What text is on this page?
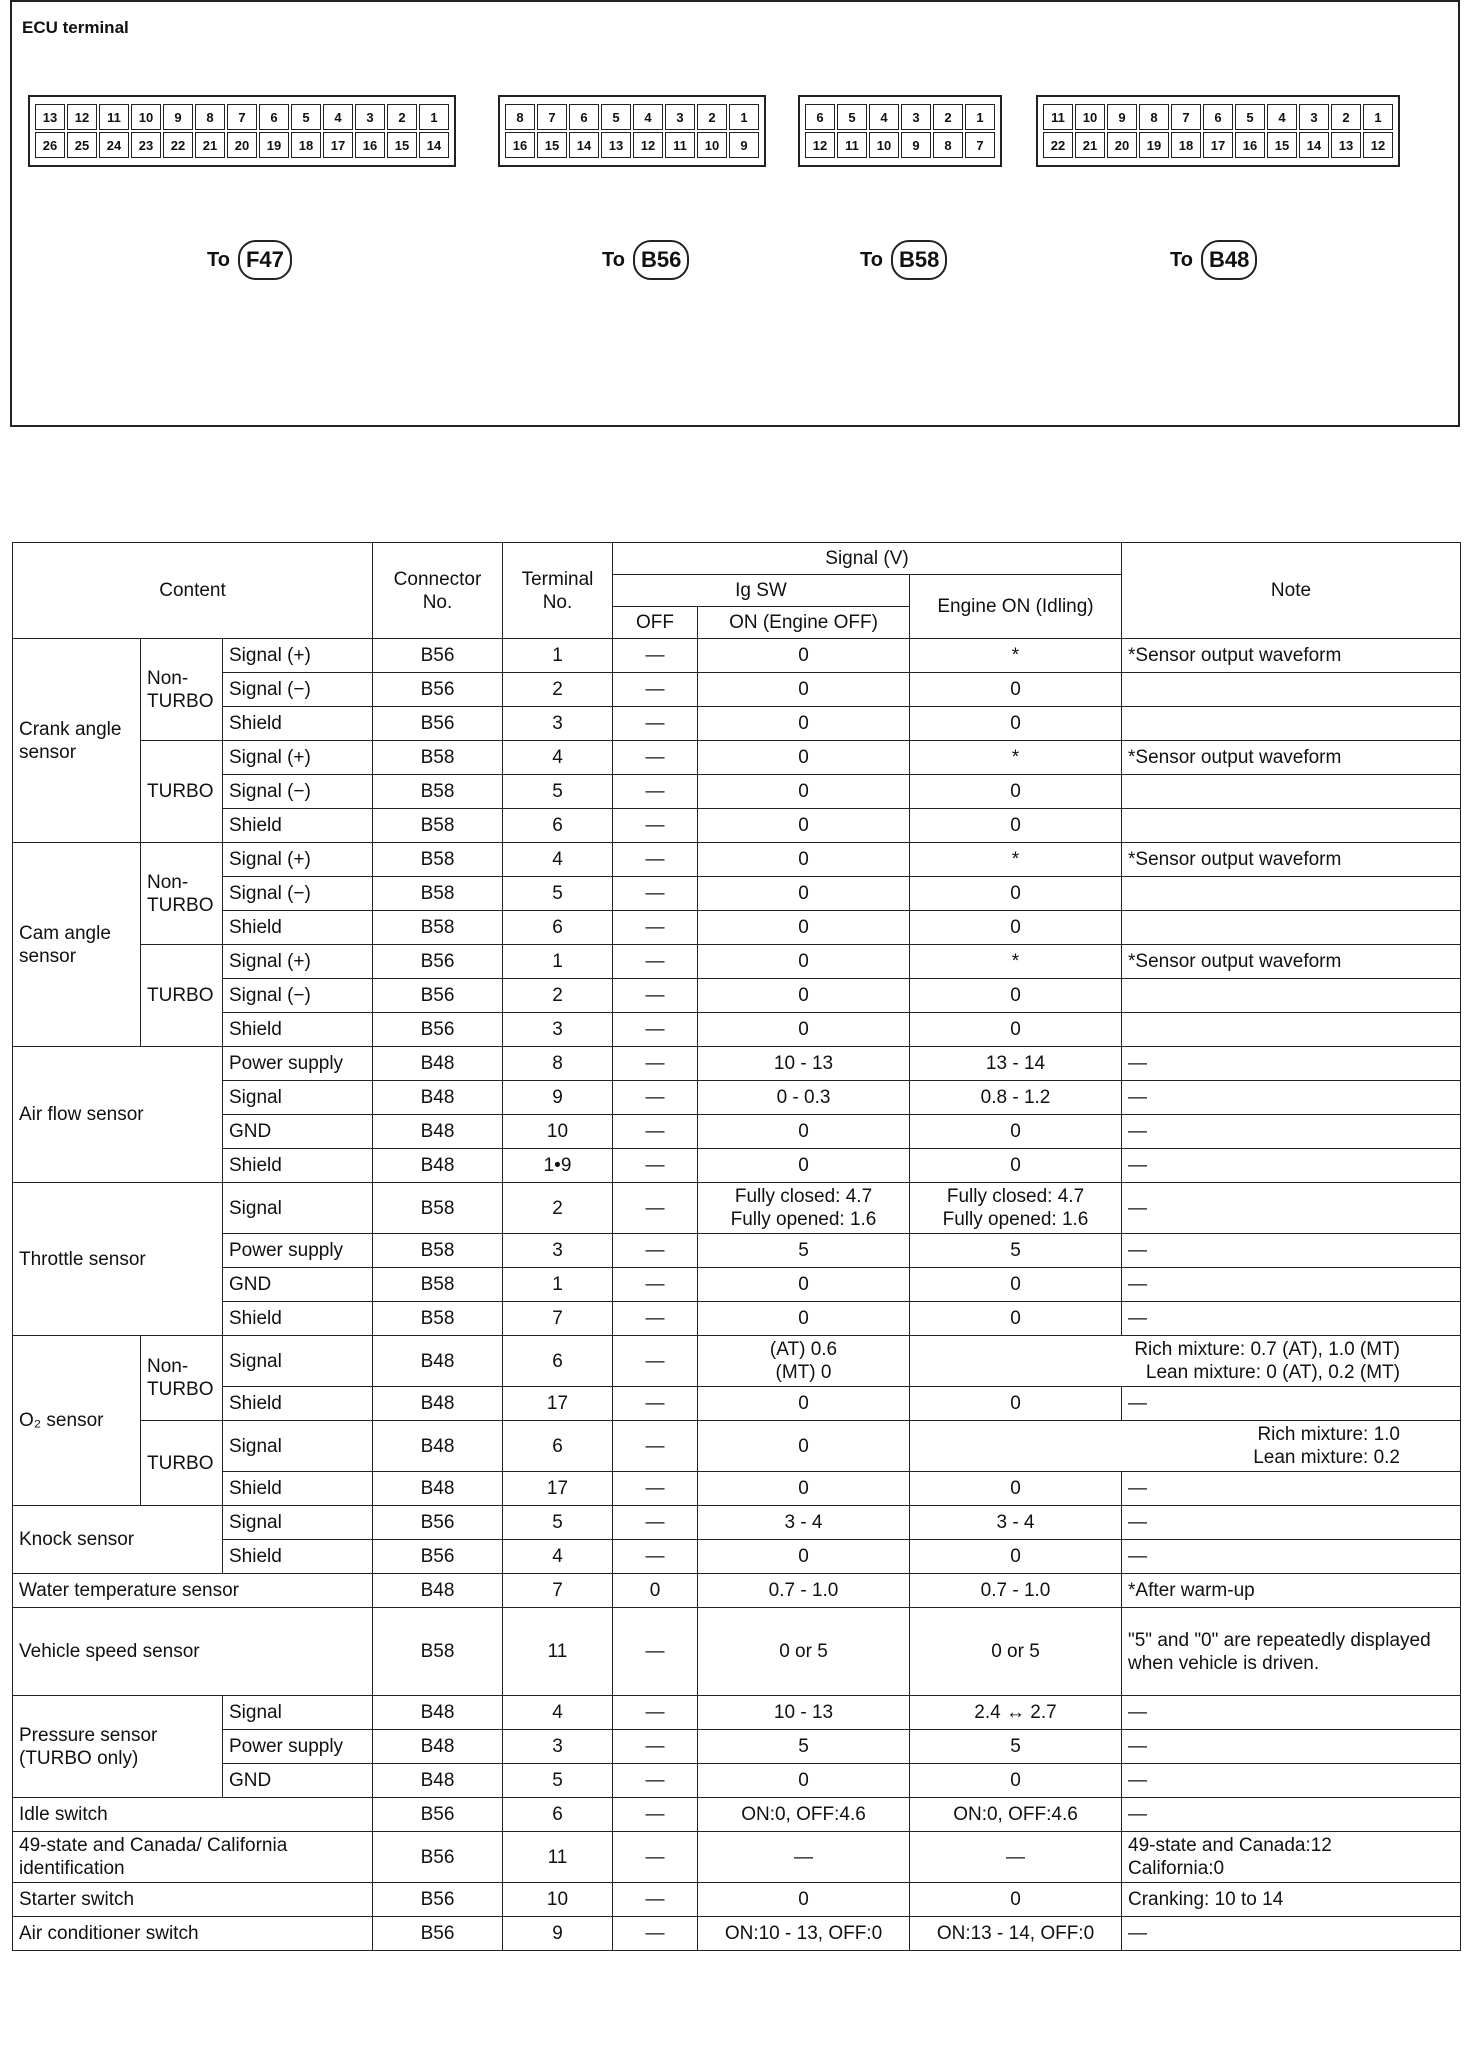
ECU terminal
13	12	11	10	9	8	7	6	5	4	3	2	1
26	25	24	23	22	21	20	19	18	17	16	15	14
8	7	6	5	4	3	2	1
16	15	14	13	12	11	10	9
6	5	4	3	2	1
12	11	10	9	8	7
11	10	9	8	7	6	5	4	3	2	1
22	21	20	19	18	17	16	15	14	13	12
To F47	To B56	To B58	To B48
Content			Connector No.	Terminal No.	Signal (V)			Note
					Ig SW		Engine ON (Idling)	
					OFF	ON (Engine OFF)		
Crank angle sensor	Non-TURBO	Signal (+)	B56	1	—	0	*	*Sensor output waveform
		Signal (−)	B56	2	—	0	0	
		Shield	B56	3	—	0	0	
	TURBO	Signal (+)	B58	4	—	0	*	*Sensor output waveform
		Signal (−)	B58	5	—	0	0	
		Shield	B58	6	—	0	0	
Cam angle sensor	Non-TURBO	Signal (+)	B58	4	—	0	*	*Sensor output waveform
		Signal (−)	B58	5	—	0	0	
		Shield	B58	6	—	0	0	
	TURBO	Signal (+)	B56	1	—	0	*	*Sensor output waveform
		Signal (−)	B56	2	—	0	0	
		Shield	B56	3	—	0	0	
Air flow sensor		Power supply	B48	8	—	10 - 13	13 - 14	—
		Signal	B48	9	—	0 - 0.3	0.8 - 1.2	—
		GND	B48	10	—	0	0	—
		Shield	B48	1•9	—	0	0	—
Throttle sensor		Signal	B58	2	—	Fully closed: 4.7
Fully opened: 1.6	Fully closed: 4.7
Fully opened: 1.6	—
		Power supply	B58	3	—	5	5	—
		GND	B58	1	—	0	0	—
		Shield	B58	7	—	0	0	—
O₂ sensor	Non-TURBO	Signal	B48	6	—	(AT) 0.6
(MT) 0	Rich mixture: 0.7 (AT), 1.0 (MT)
Lean mixture: 0 (AT), 0.2 (MT)	
		Shield	B48	17	—	0	0	—
	TURBO	Signal	B48	6	—	0	Rich mixture: 1.0
Lean mixture: 0.2	
		Shield	B48	17	—	0	0	—
Knock sensor		Signal	B56	5	—	3 - 4	3 - 4	—
		Shield	B56	4	—	0	0	—
Water temperature sensor			B48	7	0	0.7 - 1.0	0.7 - 1.0	*After warm-up
Vehicle speed sensor			B58	11	—	0 or 5	0 or 5	"5" and "0" are repeatedly displayed when vehicle is driven.
Pressure sensor (TURBO only)		Signal	B48	4	—	10 - 13	2.4 ↔ 2.7	—
		Power supply	B48	3	—	5	5	—
		GND	B48	5	—	0	0	—
Idle switch			B56	6	—	ON:0, OFF:4.6	ON:0, OFF:4.6	—
49-state and Canada/ California identification			B56	11	—	—	—	49-state and Canada:12
California:0
Starter switch			B56	10	—	0	0	Cranking: 10 to 14
Air conditioner switch			B56	9	—	ON:10 - 13, OFF:0	ON:13 - 14, OFF:0	—
